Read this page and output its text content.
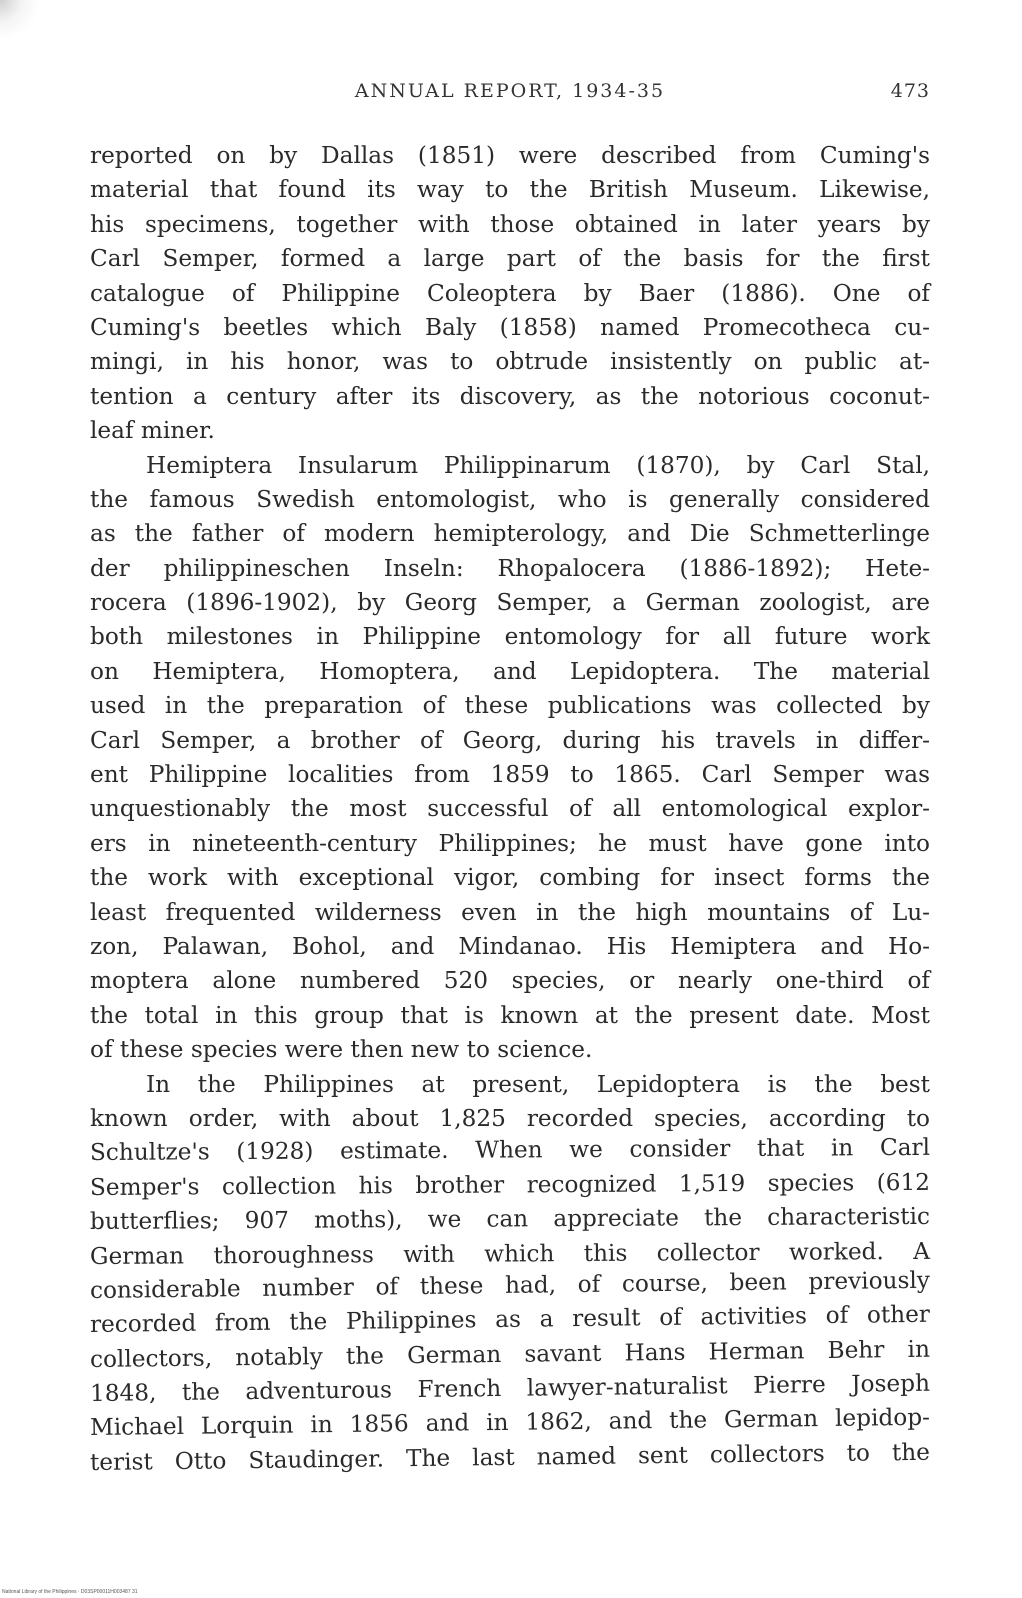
ANNUAL REPORT, 1934-35	473
reported on by Dallas (1851) were described from Cuming's
material that found its way to the British Museum. Likewise,
his specimens, together with those obtained in later years by
Carl Semper, formed a large part of the basis for the first
catalogue of Philippine Coleoptera by Baer (1886). One of
Cuming's beetles which Baly (1858) named Promecotheca cu-
mingi, in his honor, was to obtrude insistently on public at-
tention a century after its discovery, as the notorious coconut-
leaf miner.
Hemiptera Insularum Philippinarum (1870), by Carl Stal,
the famous Swedish entomologist, who is generally considered
as the father of modern hemipterology, and Die Schmetterlinge
der philippineschen Inseln: Rhopalocera (1886-1892); Hete-
rocera (1896-1902), by Georg Semper, a German zoologist, are
both milestones in Philippine entomology for all future work
on Hemiptera, Homoptera, and Lepidoptera. The material
used in the preparation of these publications was collected by
Carl Semper, a brother of Georg, during his travels in differ-
ent Philippine localities from 1859 to 1865. Carl Semper was
unquestionably the most successful of all entomological explor-
ers in nineteenth-century Philippines; he must have gone into
the work with exceptional vigor, combing for insect forms the
least frequented wilderness even in the high mountains of Lu-
zon, Palawan, Bohol, and Mindanao. His Hemiptera and Ho-
moptera alone numbered 520 species, or nearly one-third of
the total in this group that is known at the present date. Most
of these species were then new to science.
In the Philippines at present, Lepidoptera is the best
known order, with about 1,825 recorded species, according to
Schultze's (1928) estimate. When we consider that in Carl
Semper's collection his brother recognized 1,519 species (612
butterflies; 907 moths), we can appreciate the characteristic
German thoroughness with which this collector worked. A
considerable number of these had, of course, been previously
recorded from the Philippines as a result of activities of other
collectors, notably the German savant Hans Herman Behr in
1848, the adventurous French lawyer-naturalist Pierre Joseph
Michael Lorquin in 1856 and in 1862, and the German lepidop-
terist Otto Staudinger. The last named sent collectors to the
National Library of the Philippines · D03SP00011H003487 31
